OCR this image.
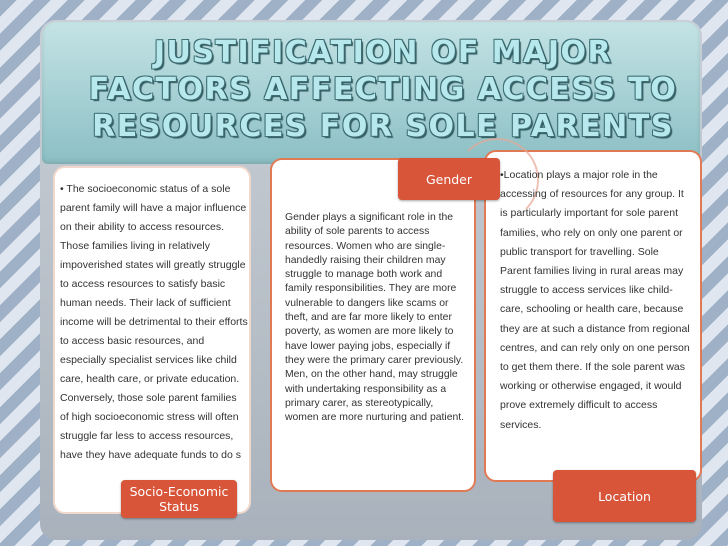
JUSTIFICATION OF MAJOR FACTORS AFFECTING ACCESS TO RESOURCES FOR SOLE PARENTS

• The socioeconomic status of a sole parent family will have a major influence on their ability to access resources. Those families living in relatively impoverished states will greatly struggle to access resources to satisfy basic human needs. Their lack of sufficient income will be detrimental to their efforts to access basic resources, and especially specialist services like child care, health care, or private education. Conversely, those sole parent families of high socioeconomic stress will often struggle far less to access resources, have they have adequate funds to do s

Gender plays a significant role in the ability of sole parents to access resources. Women who are single-handedly raising their children may struggle to manage both work and family responsibilities. They are more vulnerable to dangers like scams or theft, and are far more likely to enter poverty, as women are more likely to have lower paying jobs, especially if they were the primary carer previously. Men, on the other hand, may struggle with undertaking responsibility as a primary carer, as stereotypically, women are more nurturing and patient.

•Location plays a major role in the accessing of resources for any group. It is particularly important for sole parent families, who rely on only one parent or public transport for travelling. Sole Parent families living in rural areas may struggle to access services like child-care, schooling or health care, because they are at such a distance from regional centres, and can rely only on one person to get them there. If the sole parent was working or otherwise engaged, it would prove extremely difficult to access services.

Gender
Socio-Economic Status
Location
